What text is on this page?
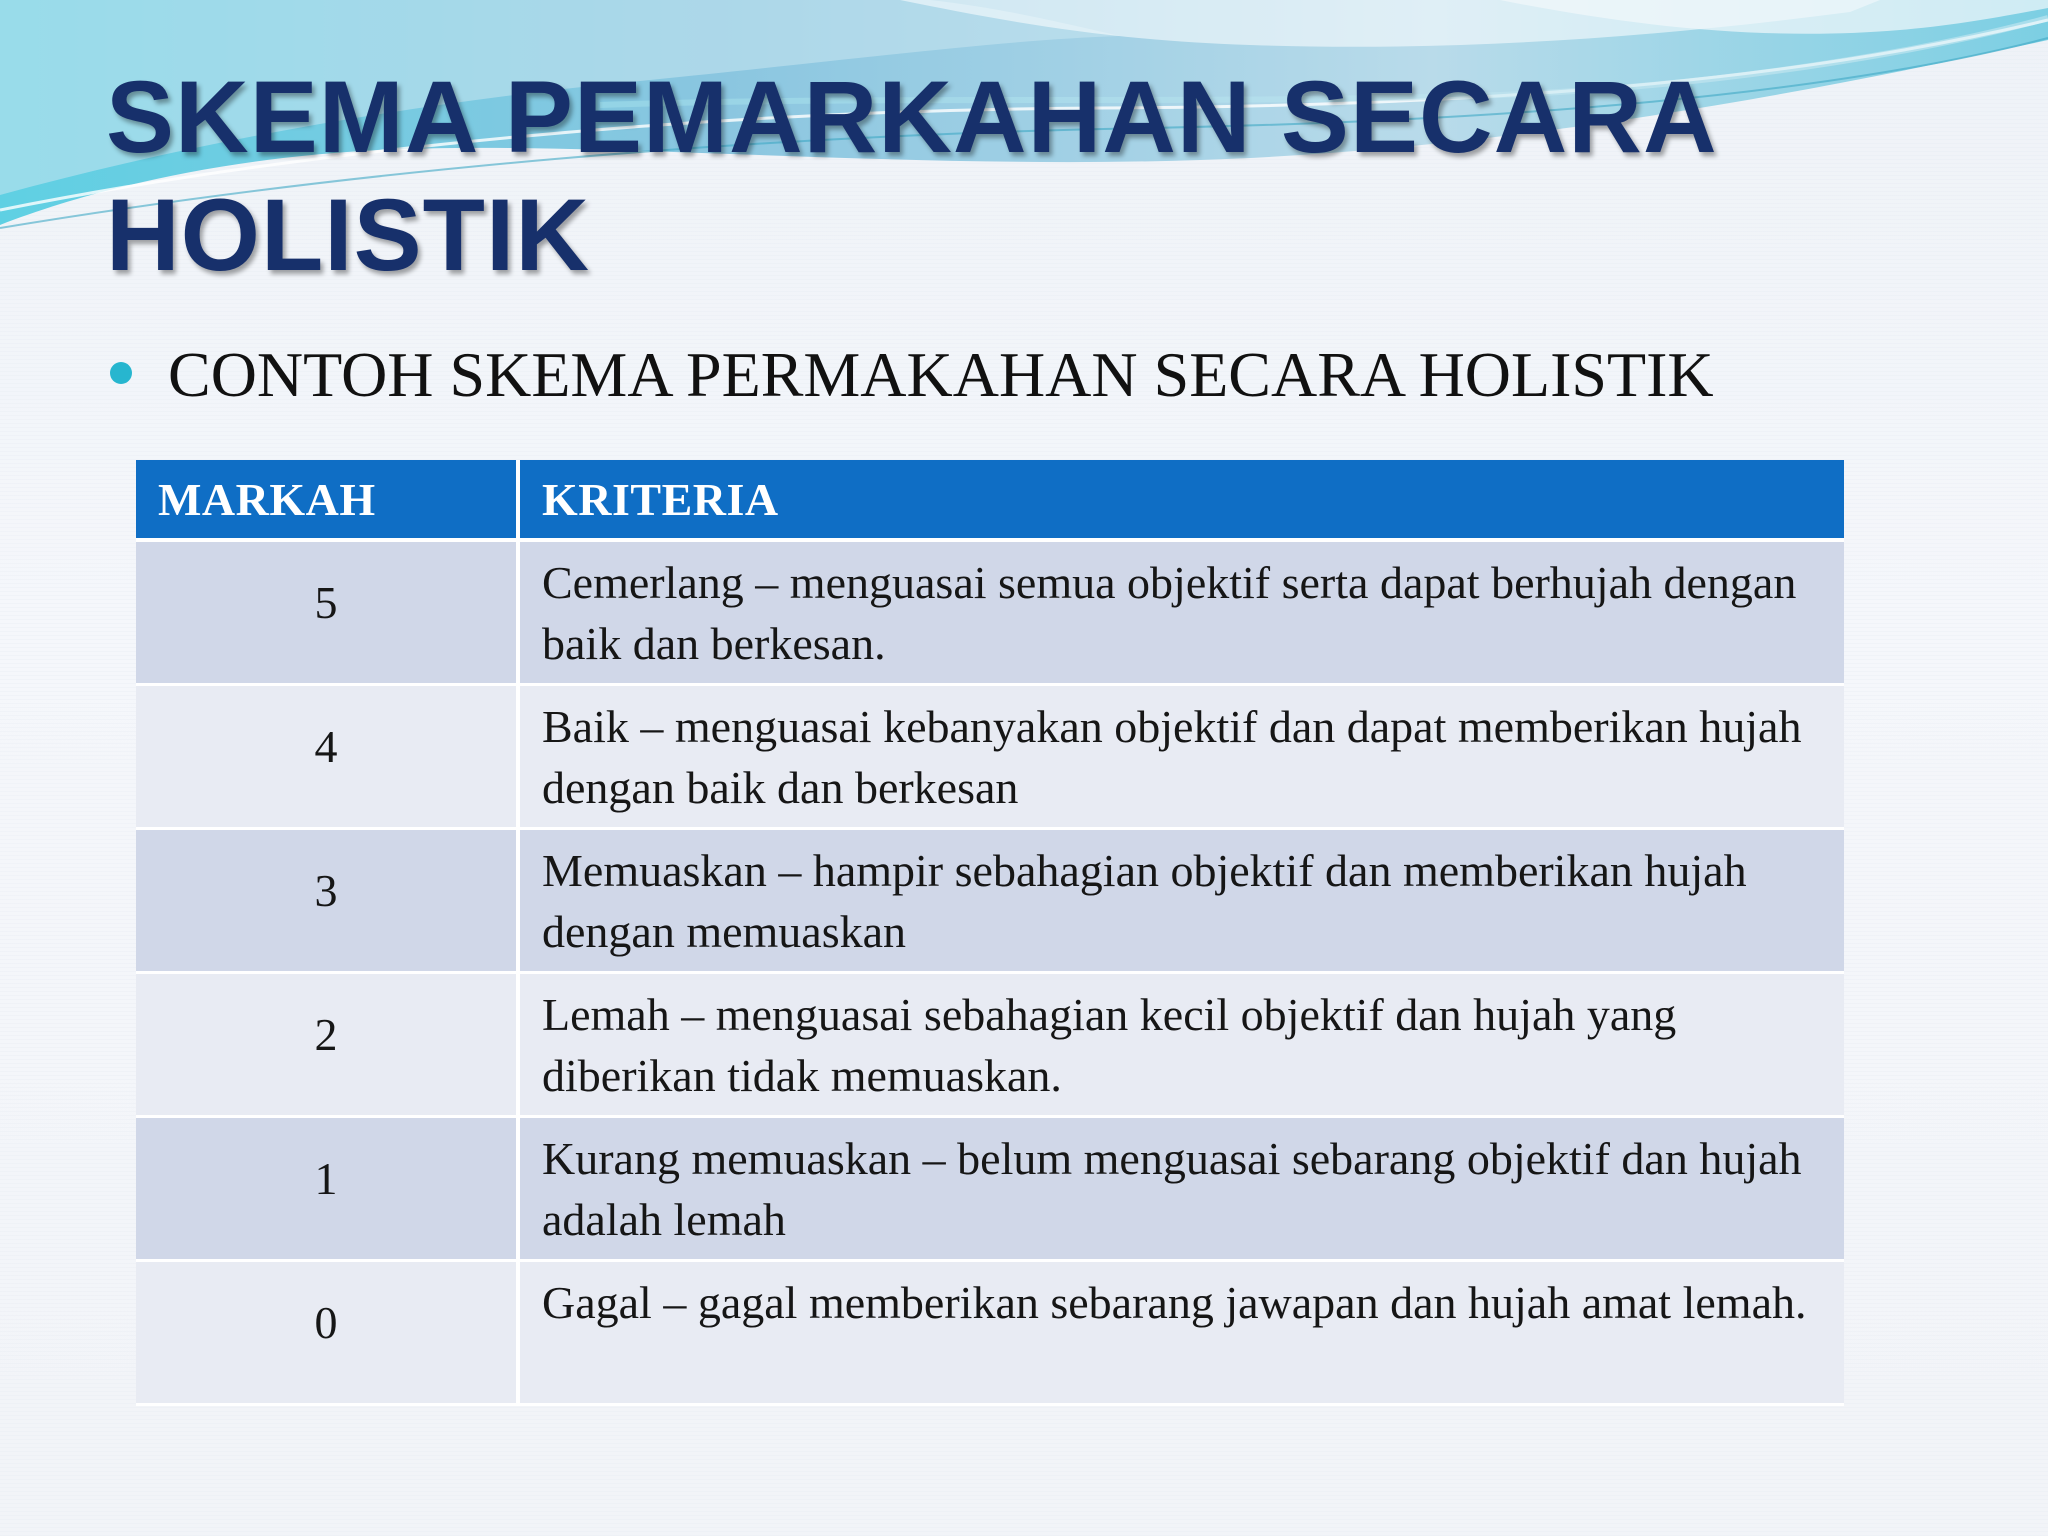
SKEMA PEMARKAHAN SECARA HOLISTIK
CONTOH SKEMA PERMAKAHAN SECARA HOLISTIK
MARKAH	KRITERIA
5	Cemerlang – menguasai semua objektif serta dapat berhujah dengan baik dan berkesan.
4	Baik – menguasai kebanyakan objektif dan dapat memberikan hujah dengan baik dan berkesan
3	Memuaskan – hampir sebahagian objektif dan memberikan hujah dengan memuaskan
2	Lemah – menguasai sebahagian kecil objektif dan hujah yang diberikan tidak memuaskan.
1	Kurang memuaskan – belum menguasai sebarang objektif dan hujah adalah lemah
0	Gagal – gagal memberikan sebarang jawapan dan hujah amat lemah.
